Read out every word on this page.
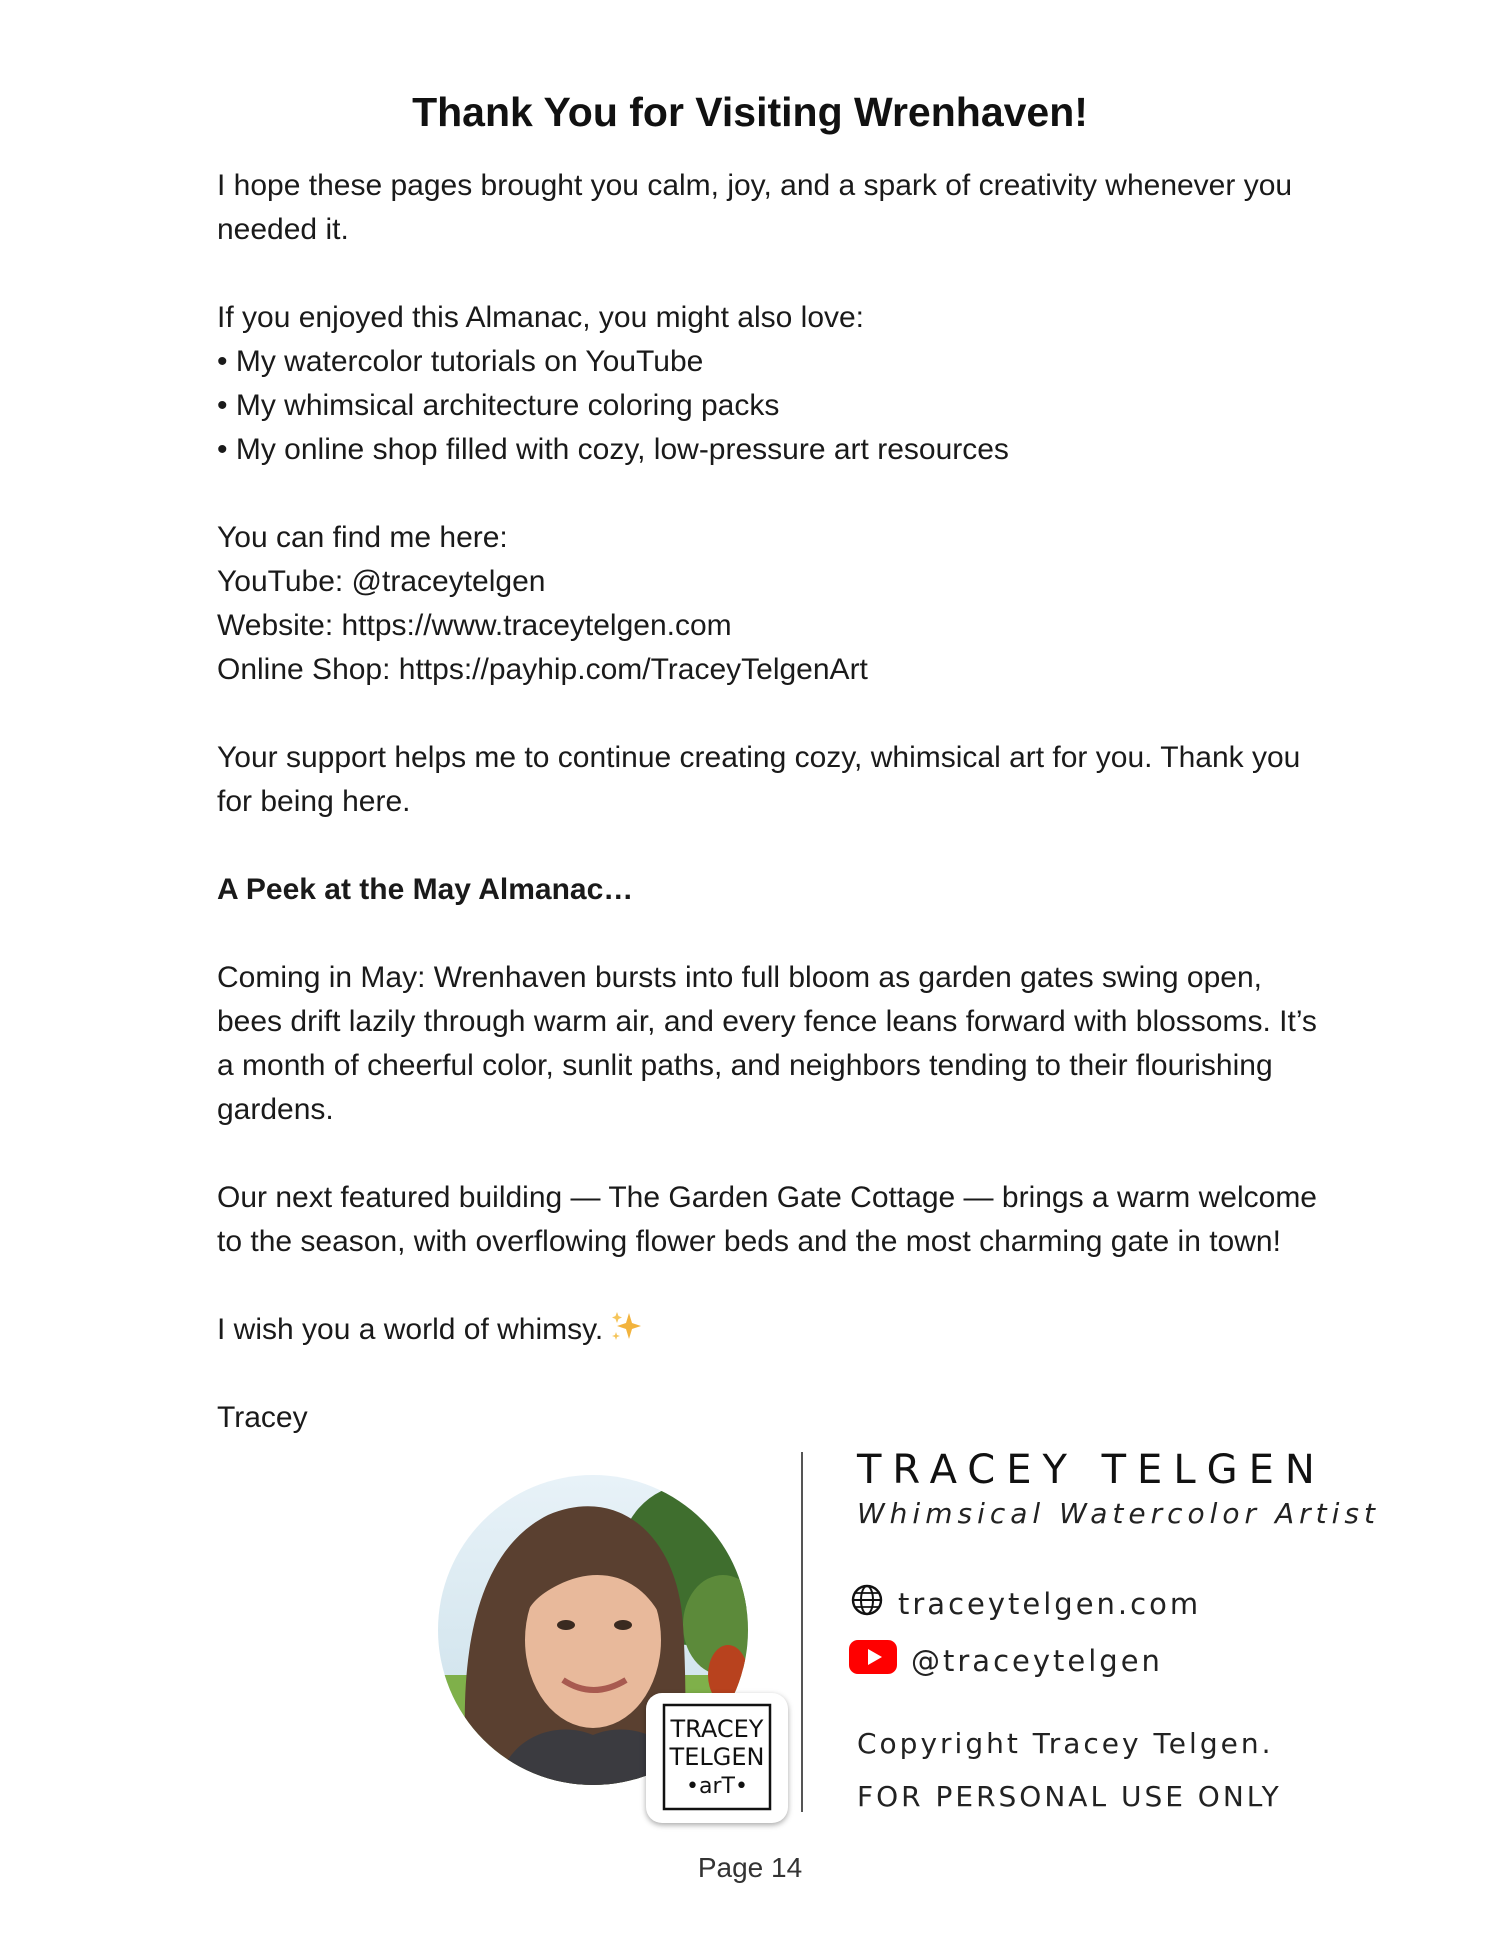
Thank You for Visiting Wrenhaven!

I hope these pages brought you calm, joy, and a spark of creativity whenever you
needed it.

If you enjoyed this Almanac, you might also love:
• My watercolor tutorials on YouTube
• My whimsical architecture coloring packs
• My online shop filled with cozy, low-pressure art resources

You can find me here:
YouTube: @traceytelgen
Website: https://www.traceytelgen.com
Online Shop: https://payhip.com/TraceyTelgenArt

Your support helps me to continue creating cozy, whimsical art for you. Thank you
for being here.

A Peek at the May Almanac…

Coming in May: Wrenhaven bursts into full bloom as garden gates swing open,
bees drift lazily through warm air, and every fence leans forward with blossoms. It’s
a month of cheerful color, sunlit paths, and neighbors tending to their flourishing
gardens.

Our next featured building — The Garden Gate Cottage — brings a warm welcome
to the season, with overflowing flower beds and the most charming gate in town!

I wish you a world of whimsy.

Tracey

TRACEY
TELGEN
•arT•
TRACEY TELGEN
Whimsical Watercolor Artist
traceytelgen.com
@traceytelgen
Copyright Tracey Telgen.
FOR PERSONAL USE ONLY
Page 14
